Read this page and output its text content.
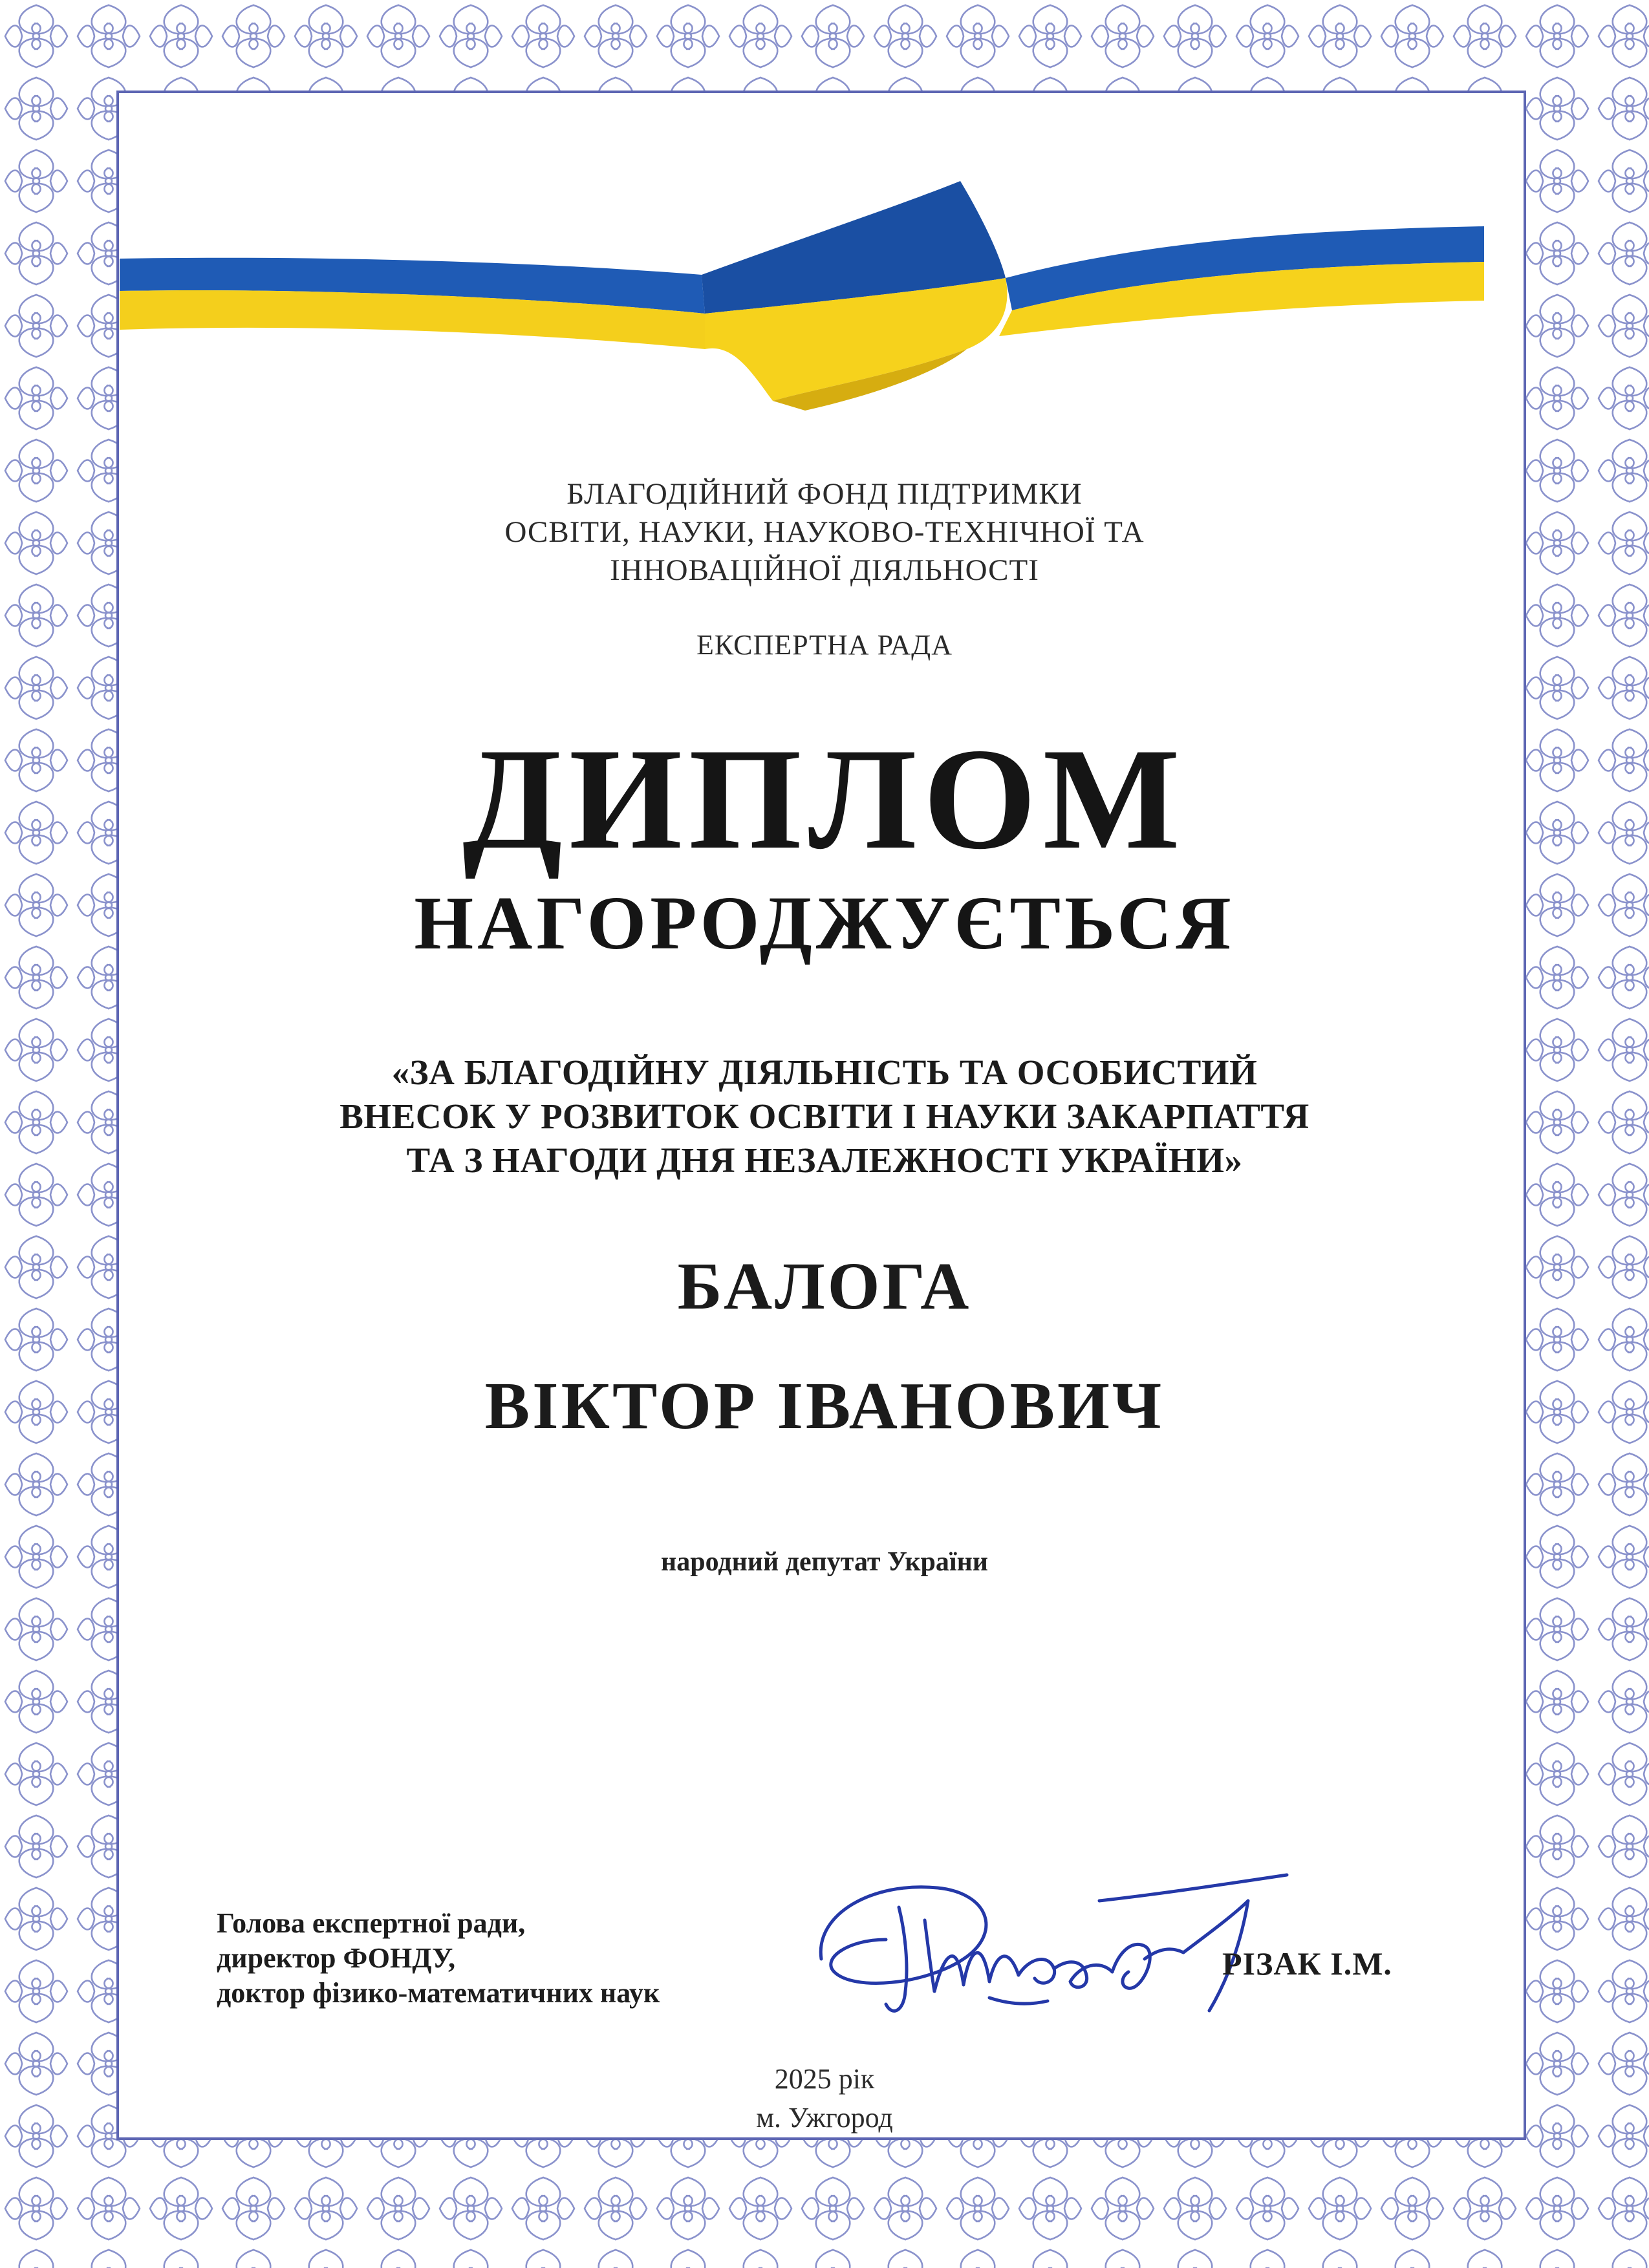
БЛАГОДІЙНИЙ ФОНД ПІДТРИМКИ
ОСВІТИ, НАУКИ, НАУКОВО-ТЕХНІЧНОЇ ТА
ІННОВАЦІЙНОЇ ДІЯЛЬНОСТІ
ЕКСПЕРТНА РАДА
ДИПЛОМ
НАГОРОДЖУЄТЬСЯ
«ЗА БЛАГОДІЙНУ ДІЯЛЬНІСТЬ ТА ОСОБИСТИЙ
ВНЕСОК У РОЗВИТОК ОСВІТИ І НАУКИ ЗАКАРПАТТЯ
ТА З НАГОДИ ДНЯ НЕЗАЛЕЖНОСТІ УКРАЇНИ»
БАЛОГА
ВІКТОР ІВАНОВИЧ
народний депутат України
Голова експертної ради,
директор ФОНДУ,
доктор фізико-математичних наук
РІЗАК І.М.
2025 рік
м. Ужгород
